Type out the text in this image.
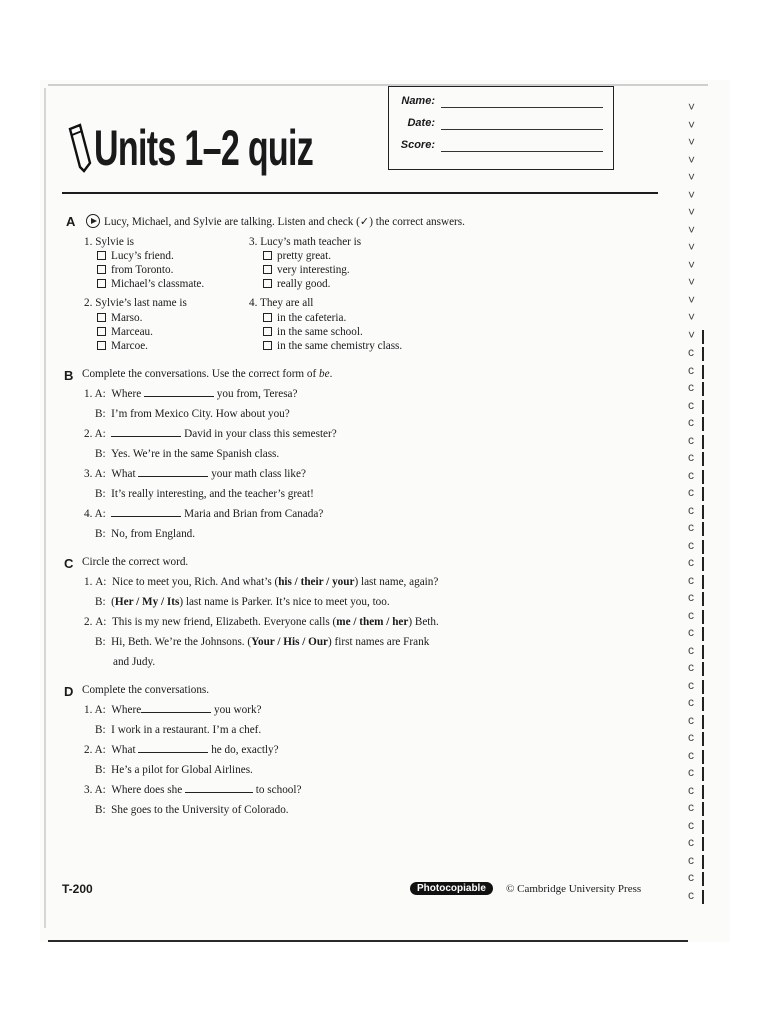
Units 1–2 quiz
Name:
Date:
Score:
A	Lucy, Michael, and Sylvie are talking. Listen and check (✓) the correct answers.
1. Sylvie is
Lucy’s friend.
from Toronto.
Michael’s classmate.
3. Lucy’s math teacher is
pretty great.
very interesting.
really good.
2. Sylvie’s last name is
Marso.
Marceau.
Marcoe.
4. They are all
in the cafeteria.
in the same school.
in the same chemistry class.
B Complete the conversations. Use the correct form of be.
1. A: Where	you from, Teresa?
B: I’m from Mexico City. How about you?
2. A:	David in your class this semester?
B: Yes. We’re in the same Spanish class.
3. A: What	your math class like?
B: It’s really interesting, and the teacher’s great!
4. A:	Maria and Brian from Canada?
B: No, from England.
C Circle the correct word.
1. A:  Nice to meet you, Rich. And what’s (his / their / your) last name, again?
B:  (Her / My / Its) last name is Parker. It’s nice to meet you, too.
2. A:  This is my new friend, Elizabeth. Everyone calls (me / them / her) Beth.
B:  Hi, Beth. We’re the Johnsons. (Your / His / Our) first names are Frank
and Judy.
D Complete the conversations.
1. A: Where	you work?
B: I work in a restaurant. I’m a chef.
2. A: What	he do, exactly?
B: He’s a pilot for Global Airlines.
3. A: Where does she	to school?
B: She goes to the University of Colorado.
T-200	Photocopiable	© Cambridge University Press
˅
˅
˅
˅
˅
˅
˅
˅
˅
˅
˅
˅
˅
˅
c
c
c
c
c
c
c
c
c
c
c
c
c
c
c
c
c
c
c
c
c
c
c
c
c
c
c
c
c
c
c
c
